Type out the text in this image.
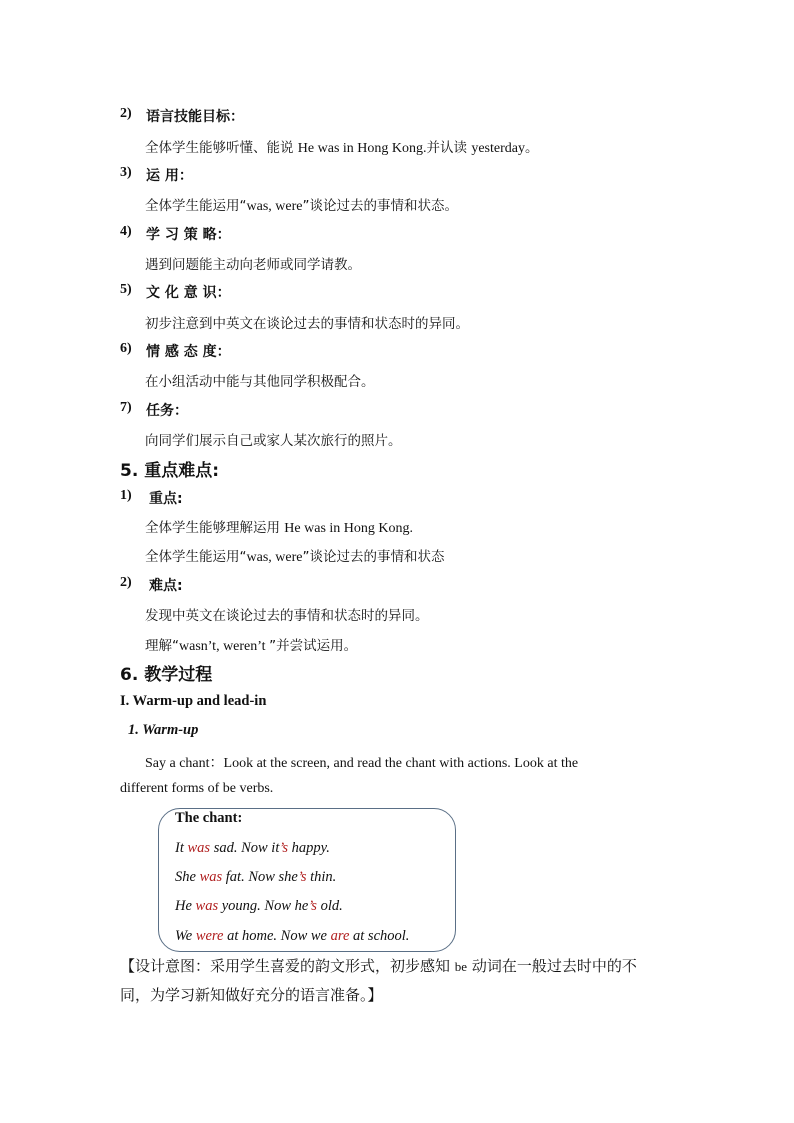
2) 语言技能目标：
全体学生能够听懂、能说 He was in Hong Kong.并认读 yesterday。
3) 运 用：
全体学生能运用“was, were”谈论过去的事情和状态。
4) 学 习 策 略：
遇到问题能主动向老师或同学请教。
5) 文 化 意 识：
初步注意到中英文在谈论过去的事情和状态时的异同。
6) 情 感 态 度：
在小组活动中能与其他同学积极配合。
7) 任务：
向同学们展示自己或家人某次旅行的照片。
5. 重点难点:
1) 重点:
全体学生能够理解运用 He was in Hong Kong.
全体学生能运用“was, were”谈论过去的事情和状态
2) 难点:
发现中英文在谈论过去的事情和状态时的异同。
理解“wasn’t, weren’t ”并尝试运用。
6. 教学过程
I. Warm-up and lead-in
1. Warm-up
Say a chant：Look at the screen, and read the chant with actions. Look at the
different forms of be verbs.
The chant:
It was sad. Now it’s happy.
She was fat. Now she’s thin.
He was young. Now he’s old.
We were at home. Now we are at school.
【设计意图：采用学生喜爱的韵文形式，初步感知 be 动词在一般过去时中的不
同，为学习新知做好充分的语言准备。】
